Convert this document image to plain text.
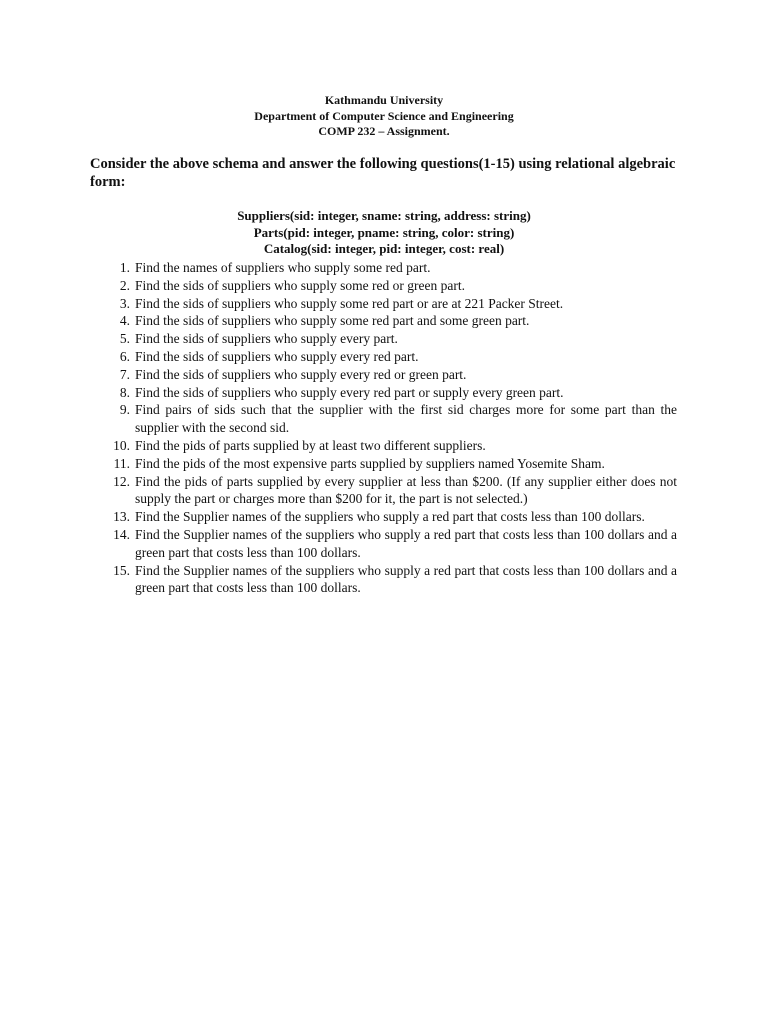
Kathmandu University
Department of Computer Science and Engineering
COMP 232 – Assignment.
Consider the above schema and answer the following questions(1-15) using relational algebraic form:
Suppliers(sid: integer, sname: string, address: string)
Parts(pid: integer, pname: string, color: string)
Catalog(sid: integer, pid: integer, cost: real)
1. Find the names of suppliers who supply some red part.
2. Find the sids of suppliers who supply some red or green part.
3. Find the sids of suppliers who supply some red part or are at 221 Packer Street.
4. Find the sids of suppliers who supply some red part and some green part.
5. Find the sids of suppliers who supply every part.
6. Find the sids of suppliers who supply every red part.
7. Find the sids of suppliers who supply every red or green part.
8. Find the sids of suppliers who supply every red part or supply every green part.
9. Find pairs of sids such that the supplier with the first sid charges more for some part than the supplier with the second sid.
10. Find the pids of parts supplied by at least two different suppliers.
11. Find the pids of the most expensive parts supplied by suppliers named Yosemite Sham.
12. Find the pids of parts supplied by every supplier at less than $200. (If any supplier either does not supply the part or charges more than $200 for it, the part is not selected.)
13. Find the Supplier names of the suppliers who supply a red part that costs less than 100 dollars.
14. Find the Supplier names of the suppliers who supply a red part that costs less than 100 dollars and a green part that costs less than 100 dollars.
15. Find the Supplier names of the suppliers who supply a red part that costs less than 100 dollars and a green part that costs less than 100 dollars.
